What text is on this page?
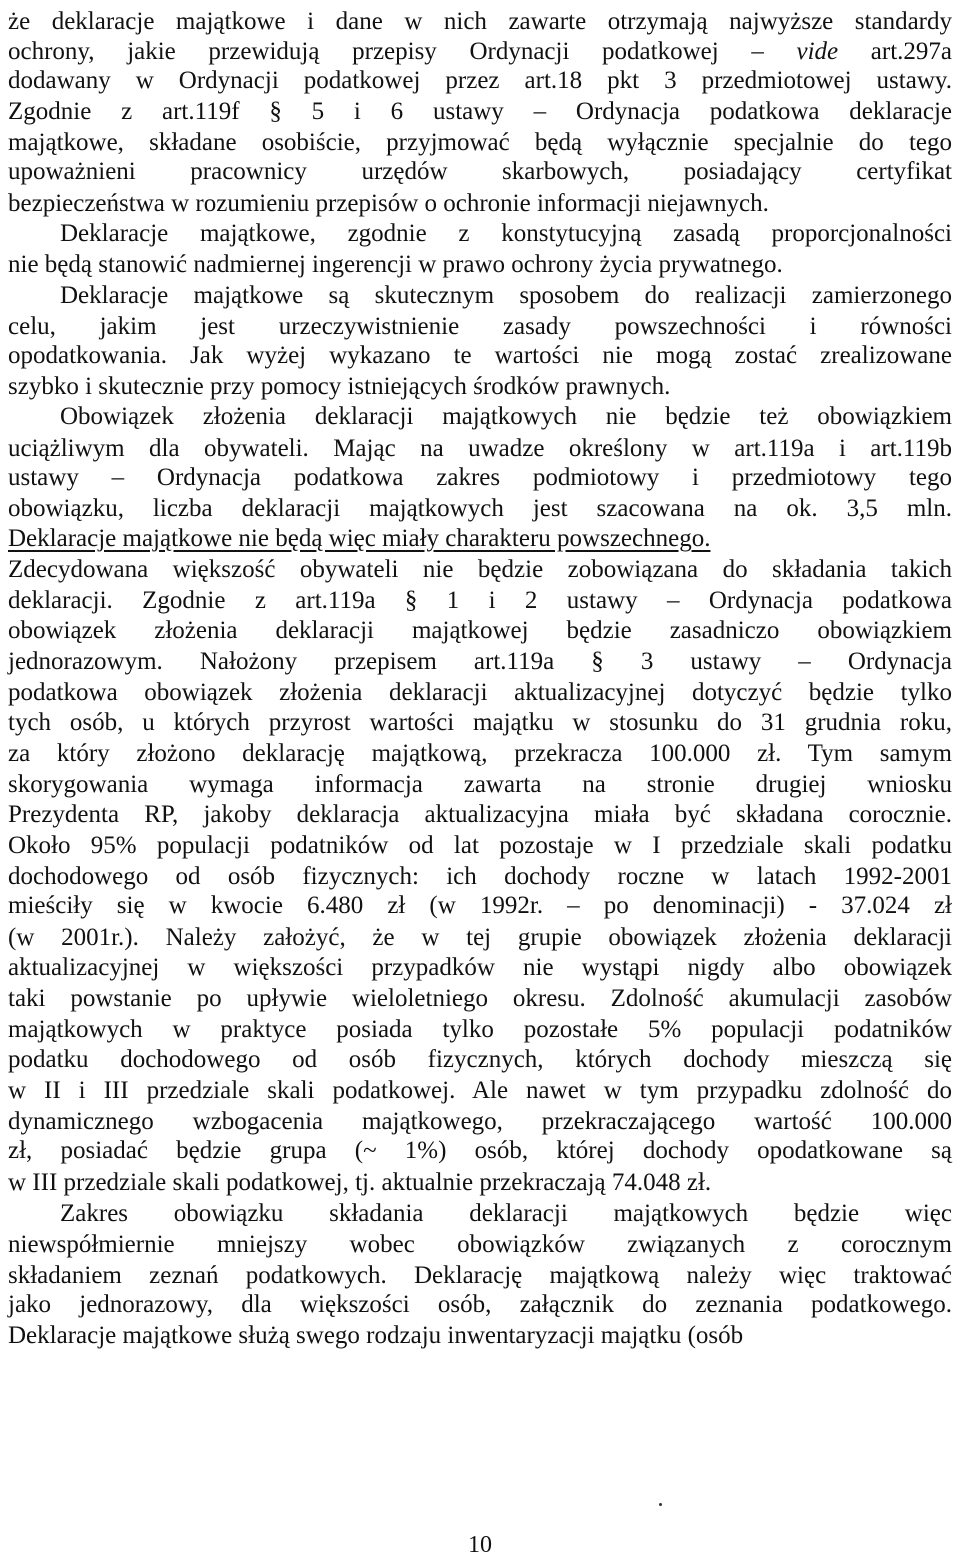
że deklaracje majątkowe i dane w nich zawarte otrzymają najwyższe standardy
ochrony, jakie przewidują przepisy Ordynacji podatkowej – vide art.297a
dodawany w Ordynacji podatkowej przez art.18 pkt 3 przedmiotowej ustawy.
Zgodnie z art.119f § 5 i 6 ustawy – Ordynacja podatkowa deklaracje
majątkowe, składane osobiście, przyjmować będą wyłącznie specjalnie do tego
upoważnieni pracownicy urzędów skarbowych, posiadający certyfikat
bezpieczeństwa w rozumieniu przepisów o ochronie informacji niejawnych.
Deklaracje majątkowe, zgodnie z konstytucyjną zasadą proporcjonalności
nie będą stanowić nadmiernej ingerencji w prawo ochrony życia prywatnego.
Deklaracje majątkowe są skutecznym sposobem do realizacji zamierzonego
celu, jakim jest urzeczywistnienie zasady powszechności i równości
opodatkowania. Jak wyżej wykazano te wartości nie mogą zostać zrealizowane
szybko i skutecznie przy pomocy istniejących środków prawnych.
Obowiązek złożenia deklaracji majątkowych nie będzie też obowiązkiem
uciążliwym dla obywateli. Mając na uwadze określony w art.119a i art.119b
ustawy – Ordynacja podatkowa zakres podmiotowy i przedmiotowy tego
obowiązku, liczba deklaracji majątkowych jest szacowana na ok. 3,5 mln.
Deklaracje majątkowe nie będą więc miały charakteru powszechnego.
Zdecydowana większość obywateli nie będzie zobowiązana do składania takich
deklaracji. Zgodnie z art.119a § 1 i 2 ustawy – Ordynacja podatkowa
obowiązek złożenia deklaracji majątkowej będzie zasadniczo obowiązkiem
jednorazowym. Nałożony przepisem art.119a § 3 ustawy – Ordynacja
podatkowa obowiązek złożenia deklaracji aktualizacyjnej dotyczyć będzie tylko
tych osób, u których przyrost wartości majątku w stosunku do 31 grudnia roku,
za który złożono deklarację majątkową, przekracza 100.000 zł. Tym samym
skorygowania wymaga informacja zawarta na stronie drugiej wniosku
Prezydenta RP, jakoby deklaracja aktualizacyjna miała być składana corocznie.
Około 95% populacji podatników od lat pozostaje w I przedziale skali podatku
dochodowego od osób fizycznych: ich dochody roczne w latach 1992-2001
mieściły się w kwocie 6.480 zł (w 1992r. – po denominacji) - 37.024 zł
(w 2001r.). Należy założyć, że w tej grupie obowiązek złożenia deklaracji
aktualizacyjnej w większości przypadków nie wystąpi nigdy albo obowiązek
taki powstanie po upływie wieloletniego okresu. Zdolność akumulacji zasobów
majątkowych w praktyce posiada tylko pozostałe 5% populacji podatników
podatku dochodowego od osób fizycznych, których dochody mieszczą się
w II i III przedziale skali podatkowej. Ale nawet w tym przypadku zdolność do
dynamicznego wzbogacenia majątkowego, przekraczającego wartość 100.000
zł, posiadać będzie grupa (~ 1%) osób, której dochody opodatkowane są
w III przedziale skali podatkowej, tj. aktualnie przekraczają 74.048 zł.
Zakres obowiązku składania deklaracji majątkowych będzie więc
niewspółmiernie mniejszy wobec obowiązków związanych z corocznym
składaniem zeznań podatkowych. Deklarację majątkową należy więc traktować
jako jednorazowy, dla większości osób, załącznik do zeznania podatkowego.
Deklaracje majątkowe służą swego rodzaju inwentaryzacji majątku (osób
10
